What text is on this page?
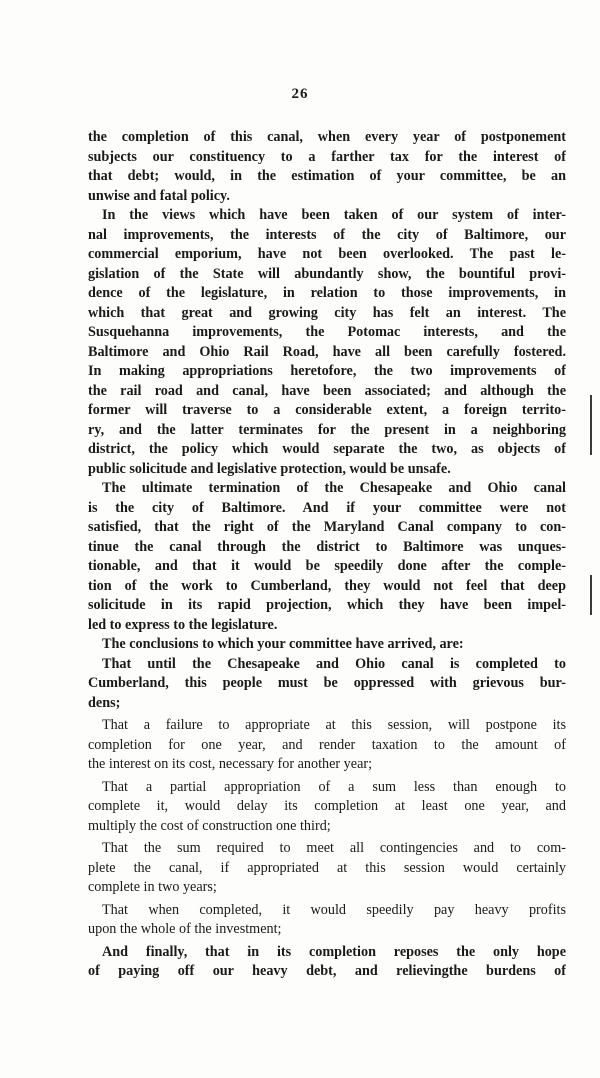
26
the completion of this canal, when every year of postponement
subjects our constituency to a farther tax for the interest of
that debt; would, in the estimation of your committee, be an
unwise and fatal policy.
In the views which have been taken of our system of inter-
nal improvements, the interests of the city of Baltimore, our
commercial emporium, have not been overlooked. The past le-
gislation of the State will abundantly show, the bountiful provi-
dence of the legislature, in relation to those improvements, in
which that great and growing city has felt an interest. The
Susquehanna improvements, the Potomac interests, and the
Baltimore and Ohio Rail Road, have all been carefully fostered.
In making appropriations heretofore, the two improvements of
the rail road and canal, have been associated; and although the
former will traverse to a considerable extent, a foreign territo-
ry, and the latter terminates for the present in a neighboring
district, the policy which would separate the two, as objects of
public solicitude and legislative protection, would be unsafe.
The ultimate termination of the Chesapeake and Ohio canal
is the city of Baltimore. And if your committee were not
satisfied, that the right of the Maryland Canal company to con-
tinue the canal through the district to Baltimore was unques-
tionable, and that it would be speedily done after the comple-
tion of the work to Cumberland, they would not feel that deep
solicitude in its rapid projection, which they have been impel-
led to express to the legislature.
The conclusions to which your committee have arrived, are:
That until the Chesapeake and Ohio canal is completed to
Cumberland, this people must be oppressed with grievous bur-
dens;
That a failure to appropriate at this session, will postpone its
completion for one year, and render taxation to the amount of
the interest on its cost, necessary for another year;
That a partial appropriation of a sum less than enough to
complete it, would delay its completion at least one year, and
multiply the cost of construction one third;
That the sum required to meet all contingencies and to com-
plete the canal, if appropriated at this session would certainly
complete in two years;
That when completed, it would speedily pay heavy profits
upon the whole of the investment;
And finally, that in its completion reposes the only hope
of paying off our heavy debt, and relievingthe burdens of
